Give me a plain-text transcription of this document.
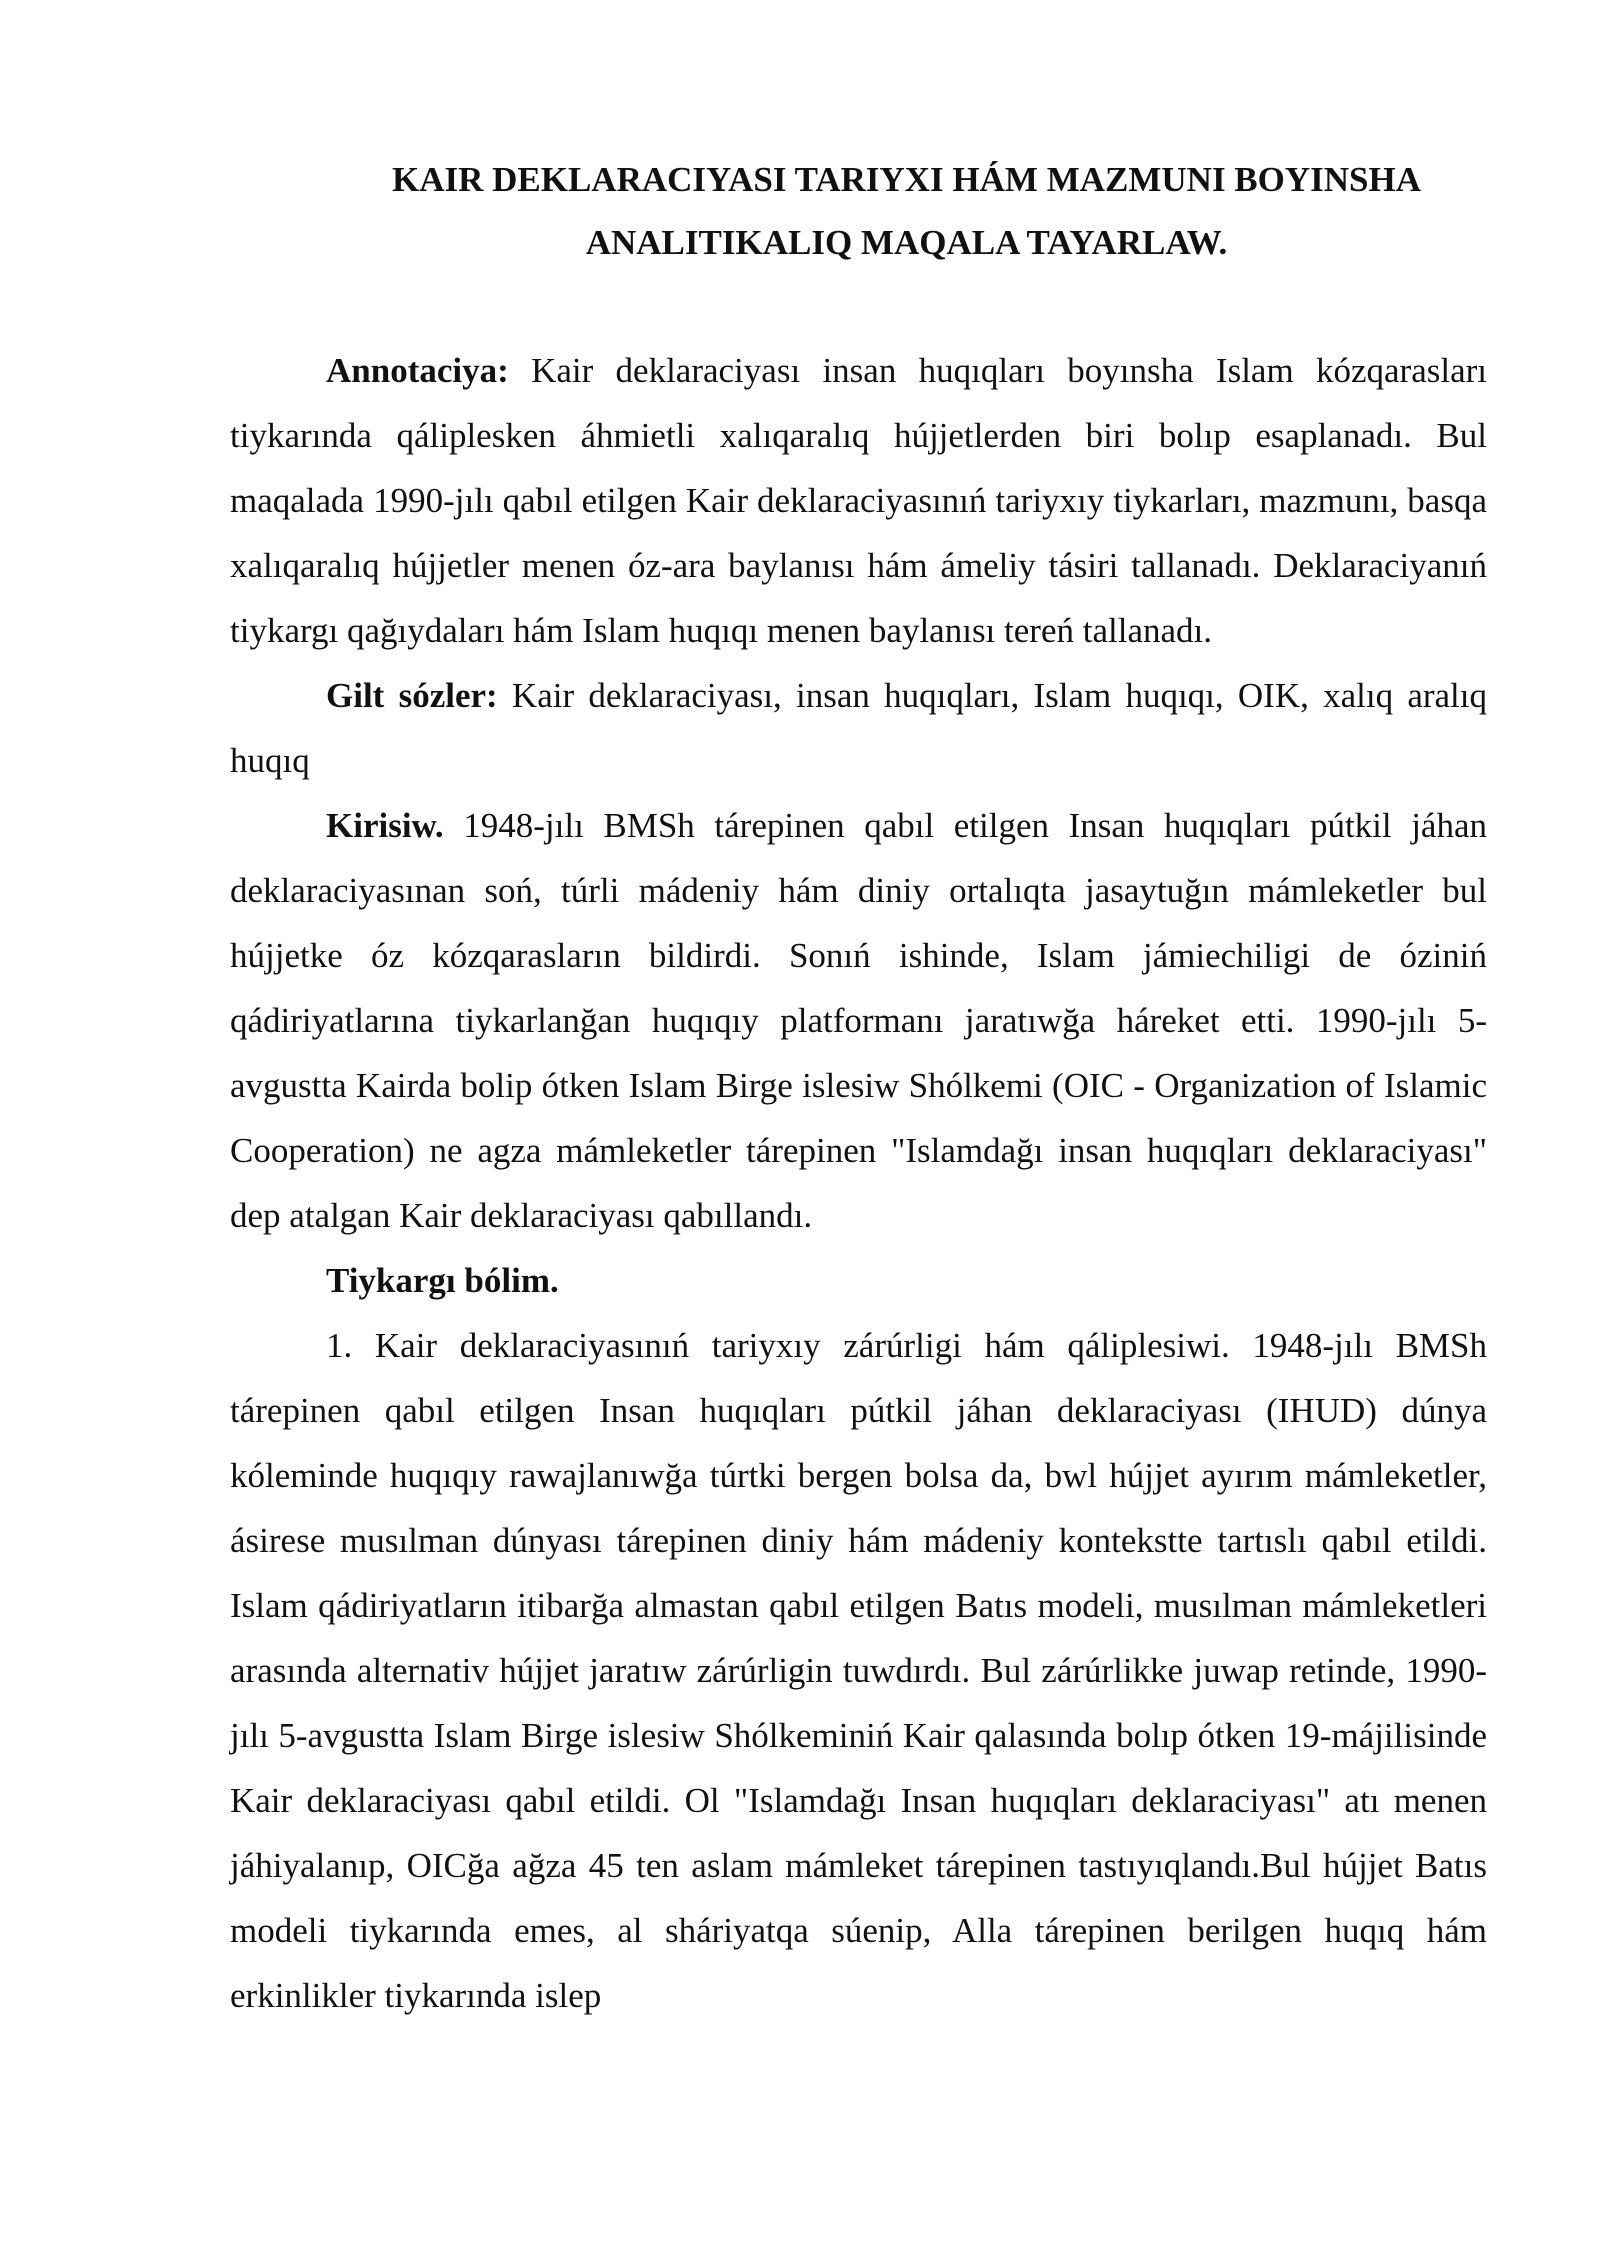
KAIR DEKLARACIYASI TARIYXI HÁM MAZMUNI BOYINSHA
ANALITIKALIQ MAQALA TAYARLAW.

Annotaciya: Kair deklaraciyası insan huqıqları boyınsha Islam kózqarasları tiykarında qáliplesken áhmietli xalıqaralıq hújjetlerden biri bolıp esaplanadı. Bul maqalada 1990-jılı qabıl etilgen Kair deklaraciyasınıń tariyxıy tiykarları, mazmunı, basqa xalıqaralıq hújjetler menen óz-ara baylanısı hám ámeliy tásiri tallanadı. Deklaraciyanıń tiykargı qağıydaları hám Islam huqıqı menen baylanısı tereń tallanadı.

Gilt sózler: Kair deklaraciyası, insan huqıqları, Islam huqıqı, OIK, xalıq aralıq huqıq

Kirisiw. 1948-jılı BMSh tárepinen qabıl etilgen Insan huqıqları pútkil jáhan deklaraciyasınan soń, túrli mádeniy hám diniy ortalıqta jasaytuğın mámleketler bul hújjetke óz kózqarasların bildirdi. Sonıń ishinde, Islam jámiechiligi de óziniń qádiriyatlarına tiykarlanğan huqıqıy platformanı jaratıwğa háreket etti. 1990-jılı 5-avgustta Kairda bolip ótken Islam Birge islesiw Shólkemi (OIC - Organization of Islamic Cooperation) ne agza mámleketler tárepinen "Islamdağı insan huqıqları deklaraciyası" dep atalgan Kair deklaraciyası qabıllandı.

Tiykargı bólim.

1. Kair deklaraciyasınıń tariyxıy zárúrligi hám qáliplesiwi. 1948-jılı BMSh tárepinen qabıl etilgen Insan huqıqları pútkil jáhan deklaraciyası (IHUD) dúnya kóleminde huqıqıy rawajlanıwğa túrtki bergen bolsa da, bwl hújjet ayırım mámleketler, ásirese musılman dúnyası tárepinen diniy hám mádeniy kontekstte tartıslı qabıl etildi. Islam qádiriyatların itibarğa almastan qabıl etilgen Batıs modeli, musılman mámleketleri arasında alternativ hújjet jaratıw zárúrligin tuwdırdı. Bul zárúrlikke juwap retinde, 1990-jılı 5-avgustta Islam Birge islesiw Shólkeminiń Kair qalasında bolıp ótken 19-májilisinde Kair deklaraciyası qabıl etildi. Ol "Islamdağı Insan huqıqları deklaraciyası" atı menen jáһiyalanıp, OICğa ağza 45 ten aslam mámleket tárepinen tastıyıqlandı.Bul hújjet Batıs modeli tiykarında emes, al sháriyatqa súenip, Alla tárepinen berilgen huqıq hám erkinlikler tiykarında islep
